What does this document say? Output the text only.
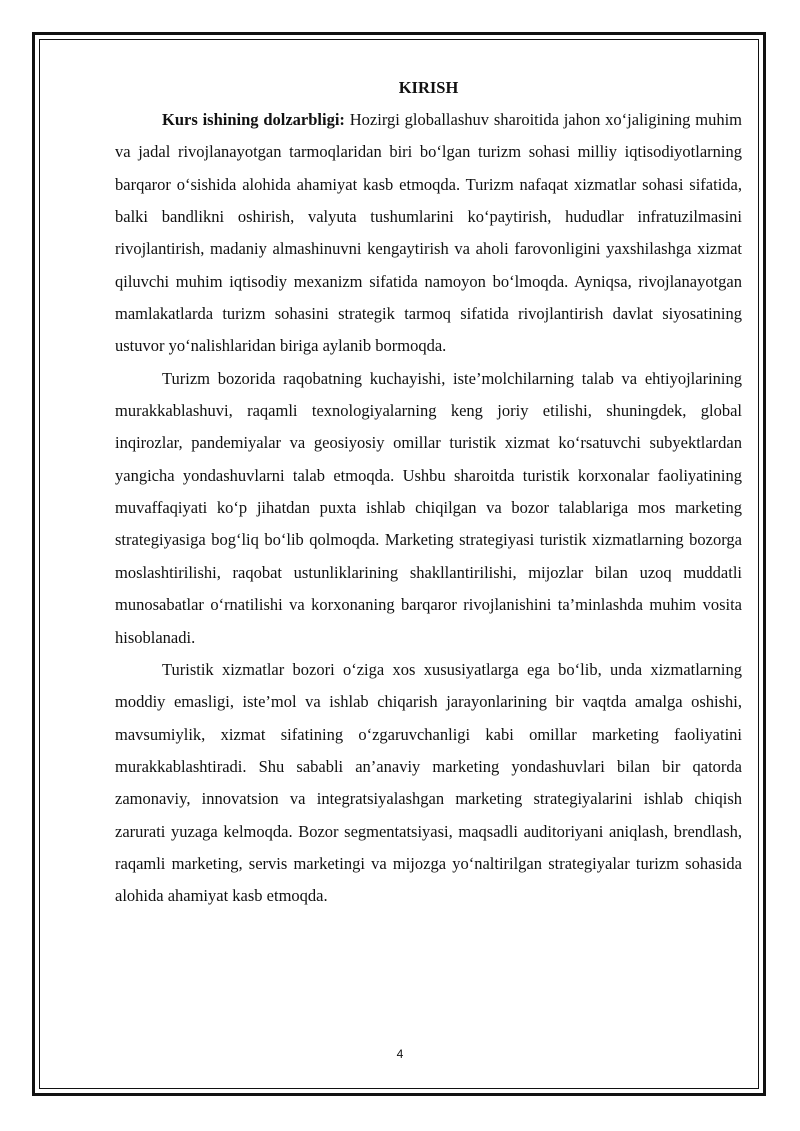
KIRISH

Kurs ishining dolzarbligi: Hozirgi globallashuv sharoitida jahon xo‘jaligining muhim va jadal rivojlanayotgan tarmoqlaridan biri bo‘lgan turizm sohasi milliy iqtisodiyotlarning barqaror o‘sishida alohida ahamiyat kasb etmoqda. Turizm nafaqat xizmatlar sohasi sifatida, balki bandlikni oshirish, valyuta tushumlarini ko‘paytirish, hududlar infratuzilmasini rivojlantirish, madaniy almashinuvni kengaytirish va aholi farovonligini yaxshilashga xizmat qiluvchi muhim iqtisodiy mexanizm sifatida namoyon bo‘lmoqda. Ayniqsa, rivojlanayotgan mamlakatlarda turizm sohasini strategik tarmoq sifatida rivojlantirish davlat siyosatining ustuvor yo‘nalishlaridan biriga aylanib bormoqda.

Turizm bozorida raqobatning kuchayishi, iste’molchilarning talab va ehtiyojlarining murakkablashuvi, raqamli texnologiyalarning keng joriy etilishi, shuningdek, global inqirozlar, pandemiyalar va geosiyosiy omillar turistik xizmat ko‘rsatuvchi subyektlardan yangicha yondashuvlarni talab etmoqda. Ushbu sharoitda turistik korxonalar faoliyatining muvaffaqiyati ko‘p jihatdan puxta ishlab chiqilgan va bozor talablariga mos marketing strategiyasiga bog‘liq bo‘lib qolmoqda. Marketing strategiyasi turistik xizmatlarning bozorga moslashtirilishi, raqobat ustunliklarining shakllantirilishi, mijozlar bilan uzoq muddatli munosabatlar o‘rnatilishi va korxonaning barqaror rivojlanishini ta’minlashda muhim vosita hisoblanadi.

Turistik xizmatlar bozori o‘ziga xos xususiyatlarga ega bo‘lib, unda xizmatlarning moddiy emasligi, iste’mol va ishlab chiqarish jarayonlarining bir vaqtda amalga oshishi, mavsumiylik, xizmat sifatining o‘zgaruvchanligi kabi omillar marketing faoliyatini murakkablashtiradi. Shu sababli an’anaviy marketing yondashuvlari bilan bir qatorda zamonaviy, innovatsion va integratsiyalashgan marketing strategiyalarini ishlab chiqish zarurati yuzaga kelmoqda. Bozor segmentatsiyasi, maqsadli auditoriyani aniqlash, brendlash, raqamli marketing, servis marketingi va mijozga yo‘naltirilgan strategiyalar turizm sohasida alohida ahamiyat kasb etmoqda.

4
